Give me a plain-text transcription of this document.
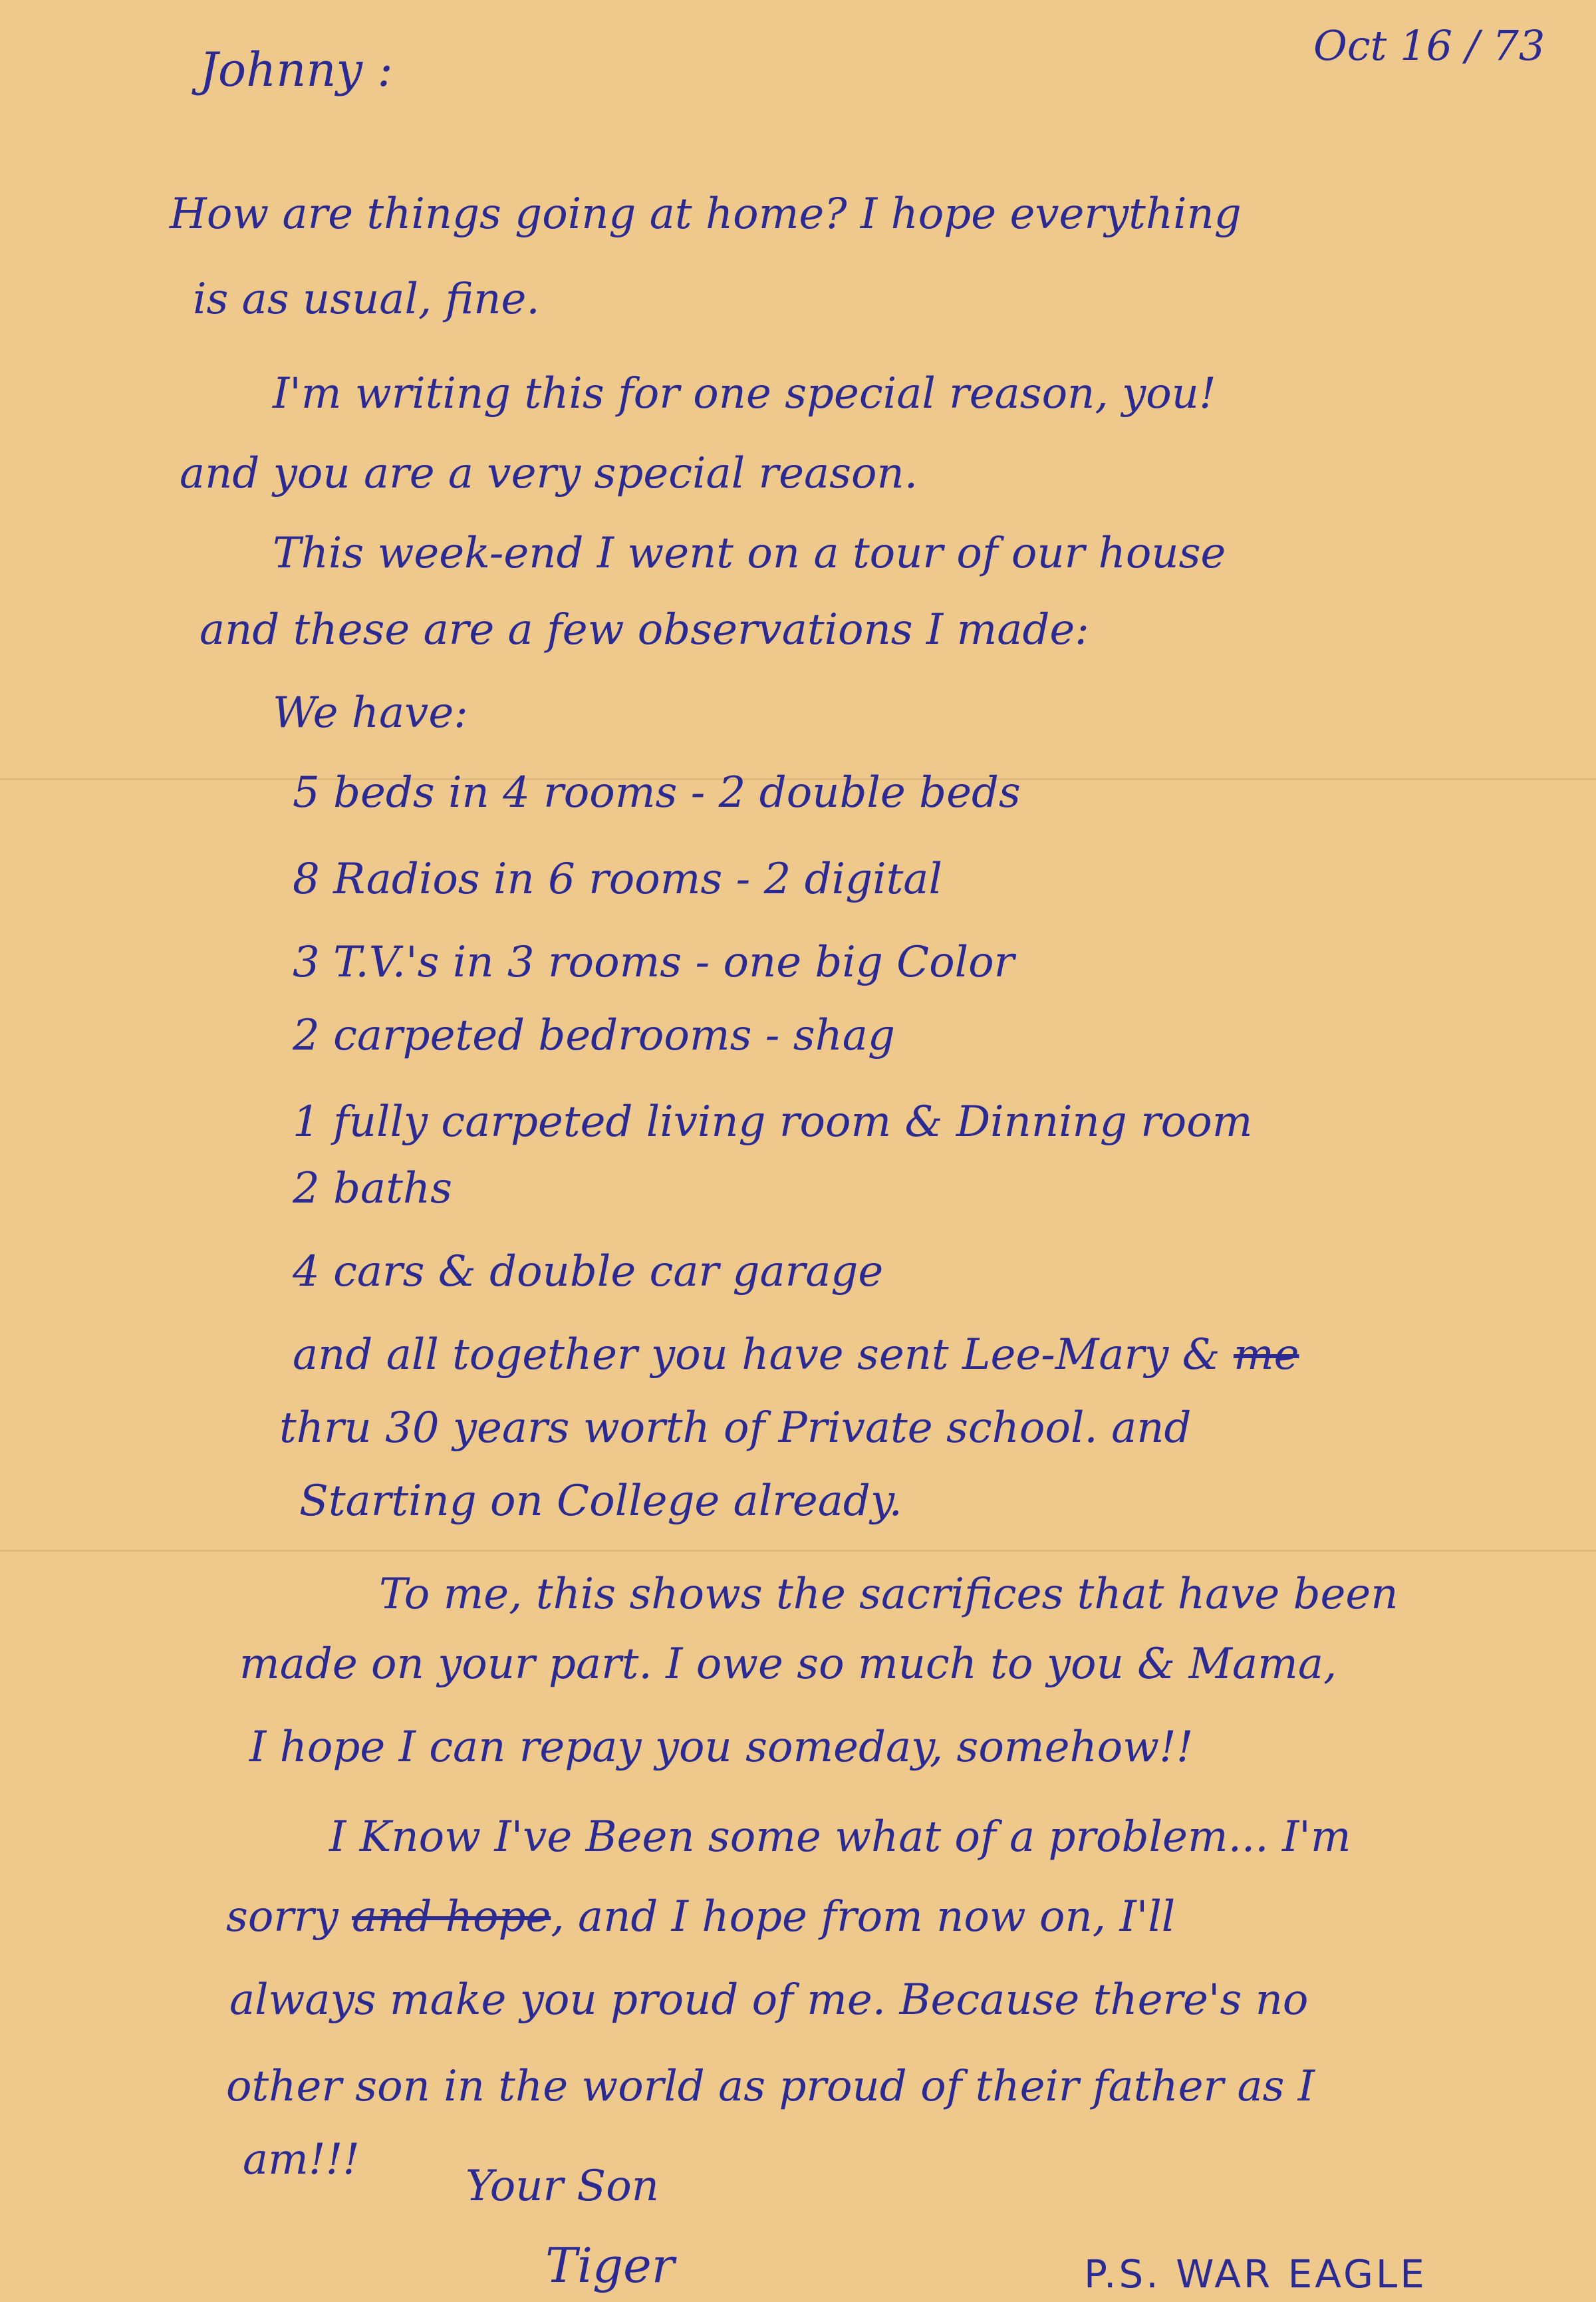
Oct 16 / 73
Johnny :
How are things going at home? I hope everything
is as usual, fine.
I'm writing this for one special reason, you!
and you are a very special reason.
This week-end I went on a tour of our house
and these are a few observations I made:
We have:
5 beds in 4 rooms - 2 double beds
8 Radios in 6 rooms - 2 digital
3 T.V.'s in 3 rooms - one big Color
2 carpeted bedrooms - shag
1 fully carpeted living room & Dinning room
2 baths
4 cars & double car garage
and all together you have sent Lee-Mary & me
thru 30 years worth of Private school. and
Starting on College already.
To me, this shows the sacrifices that have been
made on your part. I owe so much to you & Mama,
I hope I can repay you someday, somehow!!
I Know I've Been some what of a problem... I'm
sorry and hope, and I hope from now on, I'll
always make you proud of me. Because there's no
other son in the world as proud of their father as I
am!!!
Your Son
Tiger	P.S. WAR EAGLE
